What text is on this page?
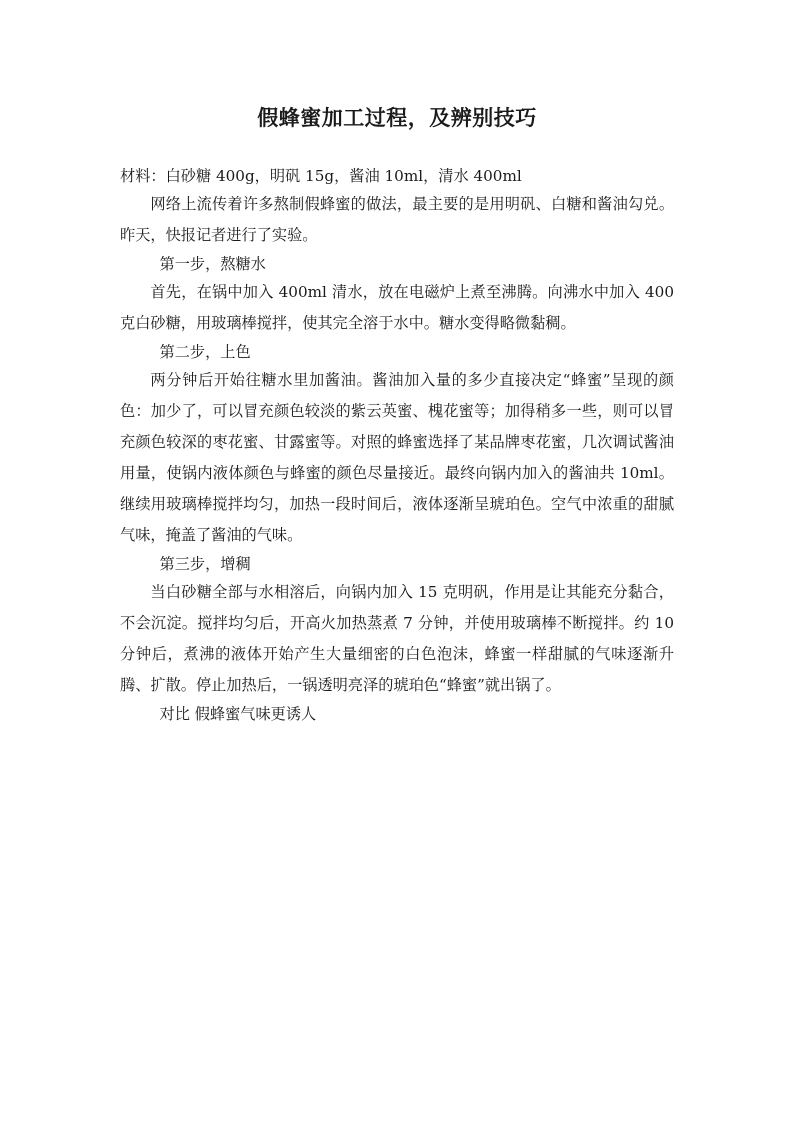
假蜂蜜加工过程，及辨别技巧
材料：白砂糖 400g，明矾 15g，酱油 10ml，清水 400ml

网络上流传着许多熬制假蜂蜜的做法，最主要的是用明矾、白糖和酱油勾兑。昨天，快报记者进行了实验。

第一步，熬糖水

首先，在锅中加入 400ml 清水，放在电磁炉上煮至沸腾。向沸水中加入 400 克白砂糖，用玻璃棒搅拌，使其完全溶于水中。糖水变得略微黏稠。

第二步，上色

两分钟后开始往糖水里加酱油。酱油加入量的多少直接决定“蜂蜜”呈现的颜色：加少了，可以冒充颜色较淡的紫云英蜜、槐花蜜等；加得稍多一些，则可以冒充颜色较深的枣花蜜、甘露蜜等。对照的蜂蜜选择了某品牌枣花蜜，几次调试酱油用量，使锅内液体颜色与蜂蜜的颜色尽量接近。最终向锅内加入的酱油共 10ml。继续用玻璃棒搅拌均匀，加热一段时间后，液体逐渐呈琥珀色。空气中浓重的甜腻气味，掩盖了酱油的气味。

第三步，增稠

当白砂糖全部与水相溶后，向锅内加入 15 克明矾，作用是让其能充分黏合，不会沉淀。搅拌均匀后，开高火加热蒸煮 7 分钟，并使用玻璃棒不断搅拌。约 10 分钟后，煮沸的液体开始产生大量细密的白色泡沫，蜂蜜一样甜腻的气味逐渐升腾、扩散。停止加热后，一锅透明亮泽的琥珀色“蜂蜜”就出锅了。

对比 假蜂蜜气味更诱人
